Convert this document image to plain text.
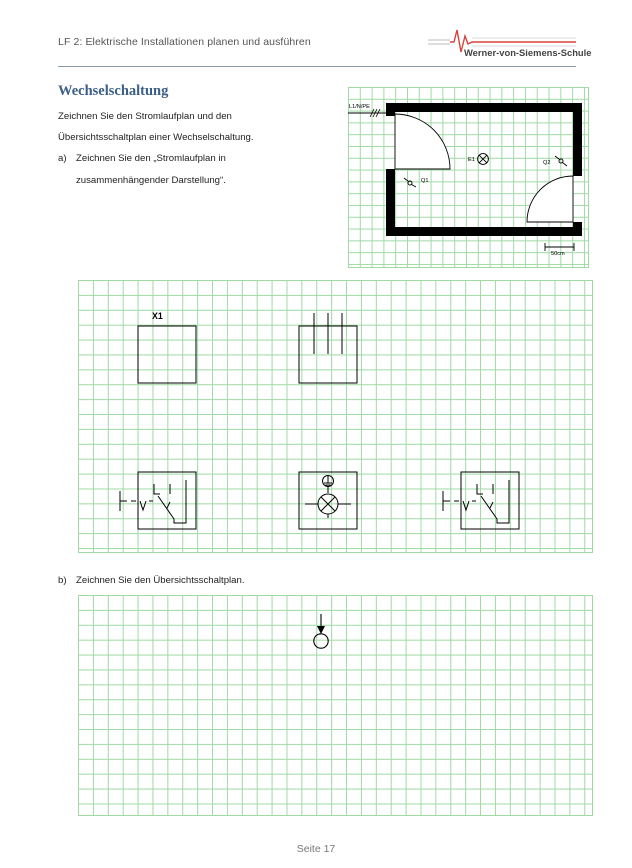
LF 2: Elektrische Installationen planen und ausführen
Werner-von-Siemens-Schule
Wechselschaltung
Zeichnen Sie den Stromlaufplan und den
Übersichtsschaltplan einer Wechselschaltung.
a) Zeichnen Sie den „Stromlaufplan in
zusammenhängender Darstellung“.
L1/N/PE
E1
Q1
Q2
50cm
X1
b) Zeichnen Sie den Übersichtsschaltplan.
Seite 17
